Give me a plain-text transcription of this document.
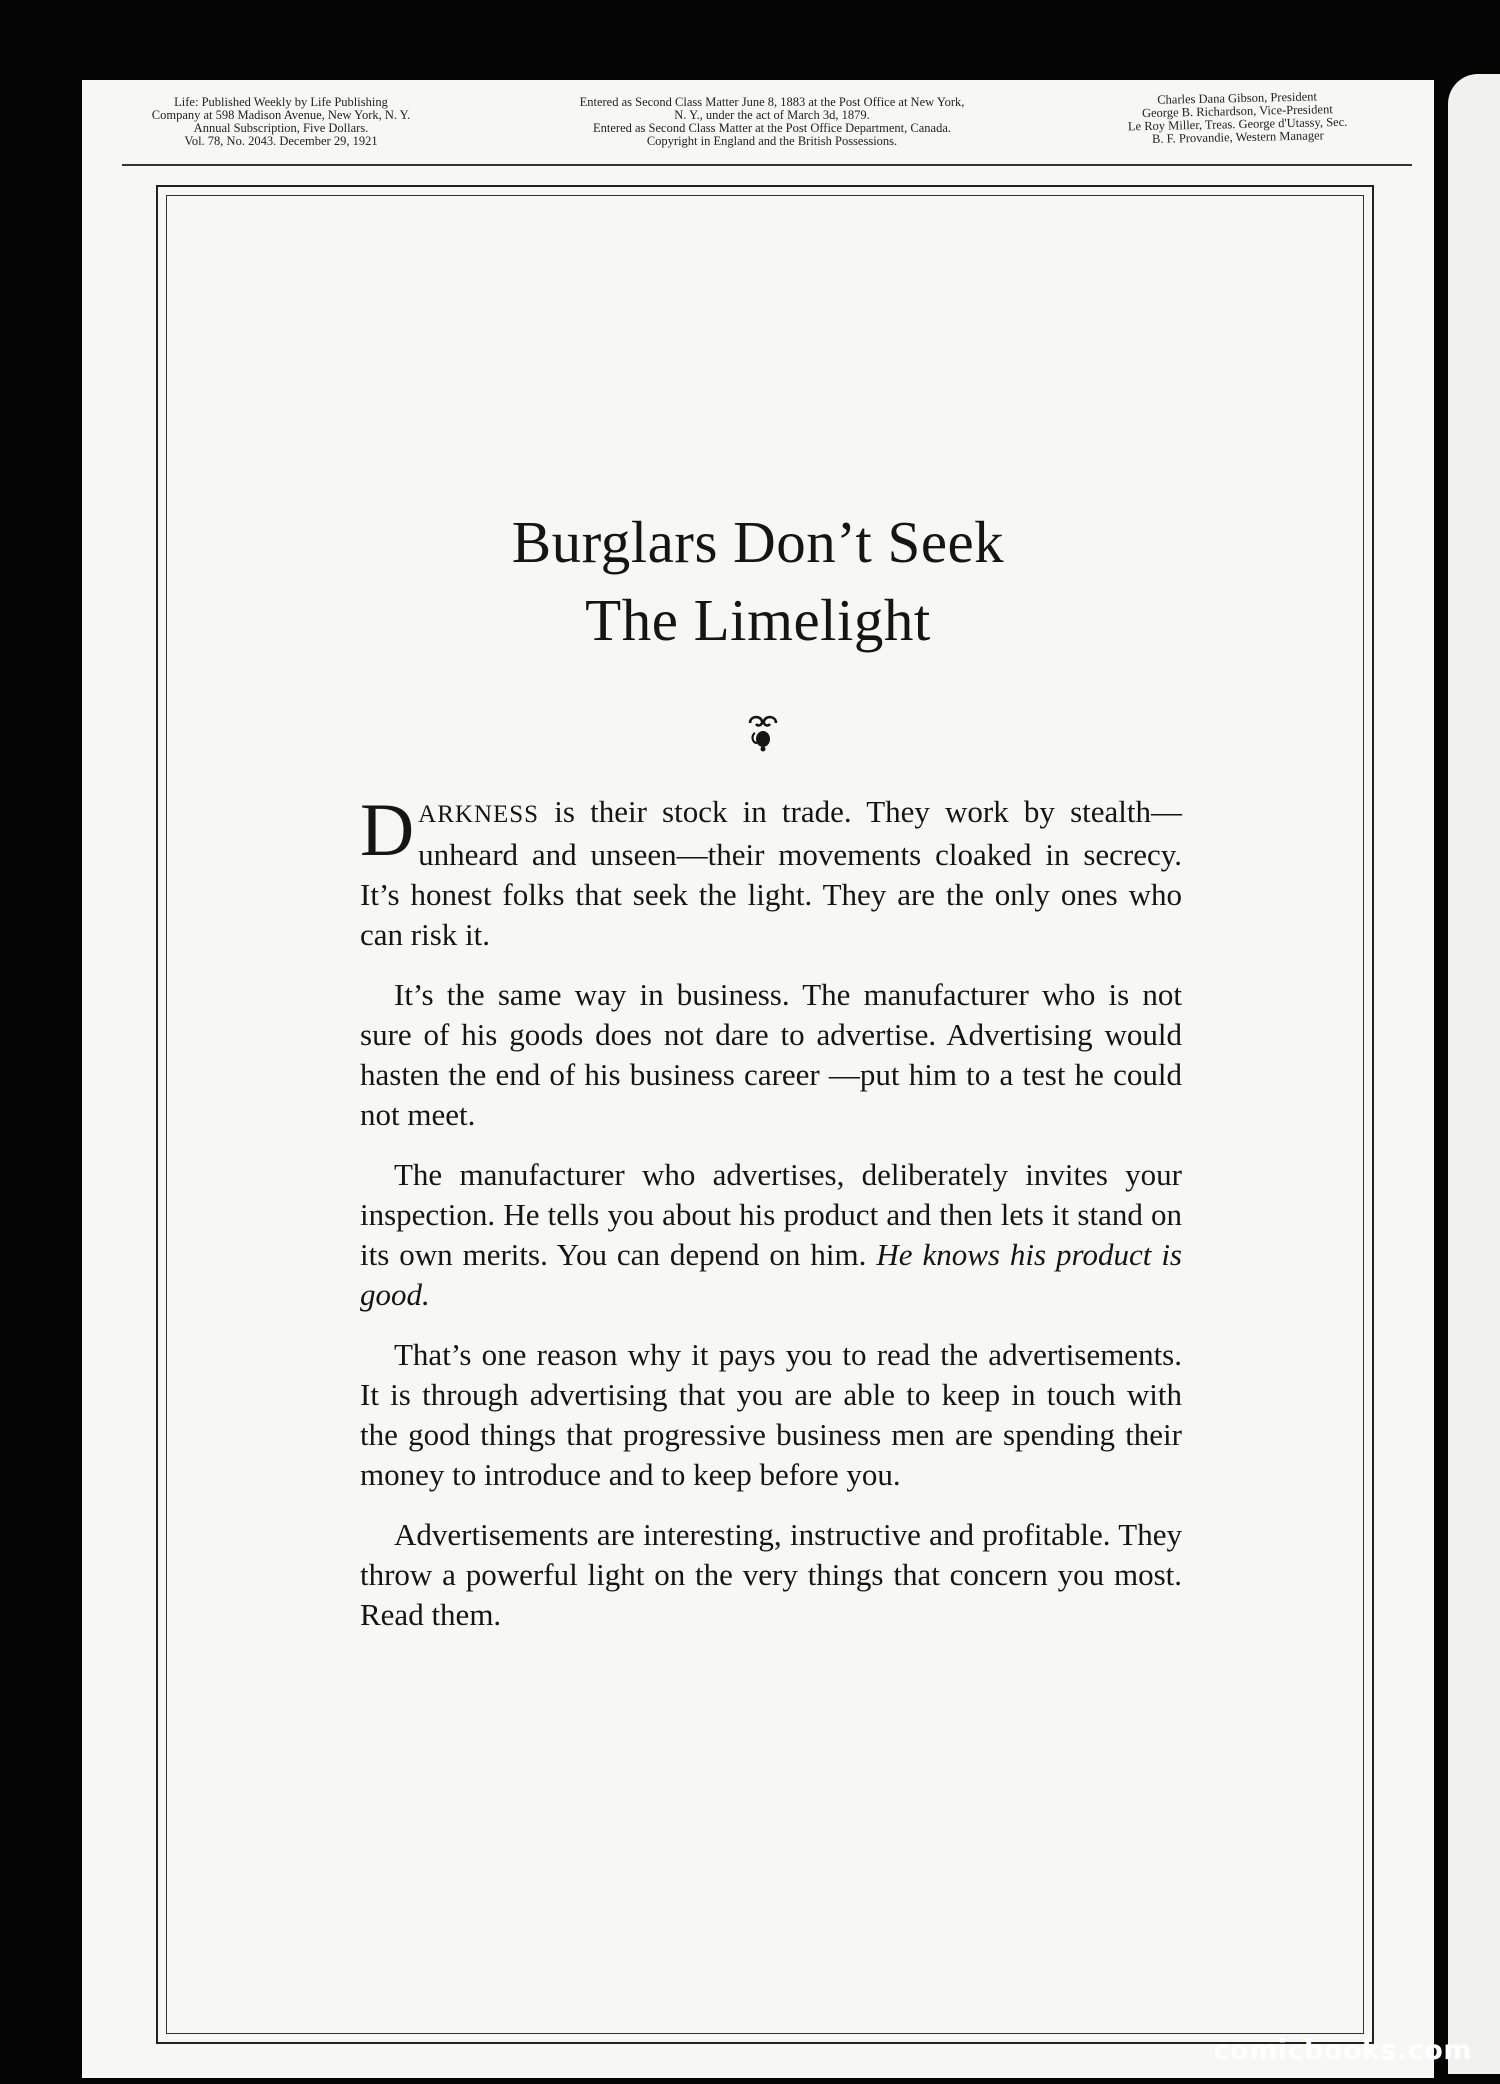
Life: Published Weekly by Life Publishing
Company at 598 Madison Avenue, New York, N. Y.
Annual Subscription, Five Dollars.
Vol. 78, No. 2043. December 29, 1921
Entered as Second Class Matter June 8, 1883 at the Post Office at New York,
N. Y., under the act of March 3d, 1879.
Entered as Second Class Matter at the Post Office Department, Canada.
Copyright in England and the British Possessions.
Charles Dana Gibson, President
George B. Richardson, Vice-President
Le Roy Miller, Treas. George d'Utassy, Sec.
B. F. Provandie, Western Manager
Burglars Don’t Seek
The Limelight

DARKNESS is their stock in trade. They work by stealth—unheard and unseen—their movements cloaked in secrecy. It’s honest folks that seek the light. They are the only ones who can risk it.

It’s the same way in business. The manufacturer who is not sure of his goods does not dare to advertise. Advertising would hasten the end of his business career —put him to a test he could not meet.

The manufacturer who advertises, deliberately invites your inspection. He tells you about his product and then lets it stand on its own merits. You can depend on him. He knows his product is good.

That’s one reason why it pays you to read the advertisements. It is through advertising that you are able to keep in touch with the good things that progressive business men are spending their money to introduce and to keep before you.

Advertisements are interesting, instructive and profitable. They throw a powerful light on the very things that concern you most. Read them.

comicbooks.com
